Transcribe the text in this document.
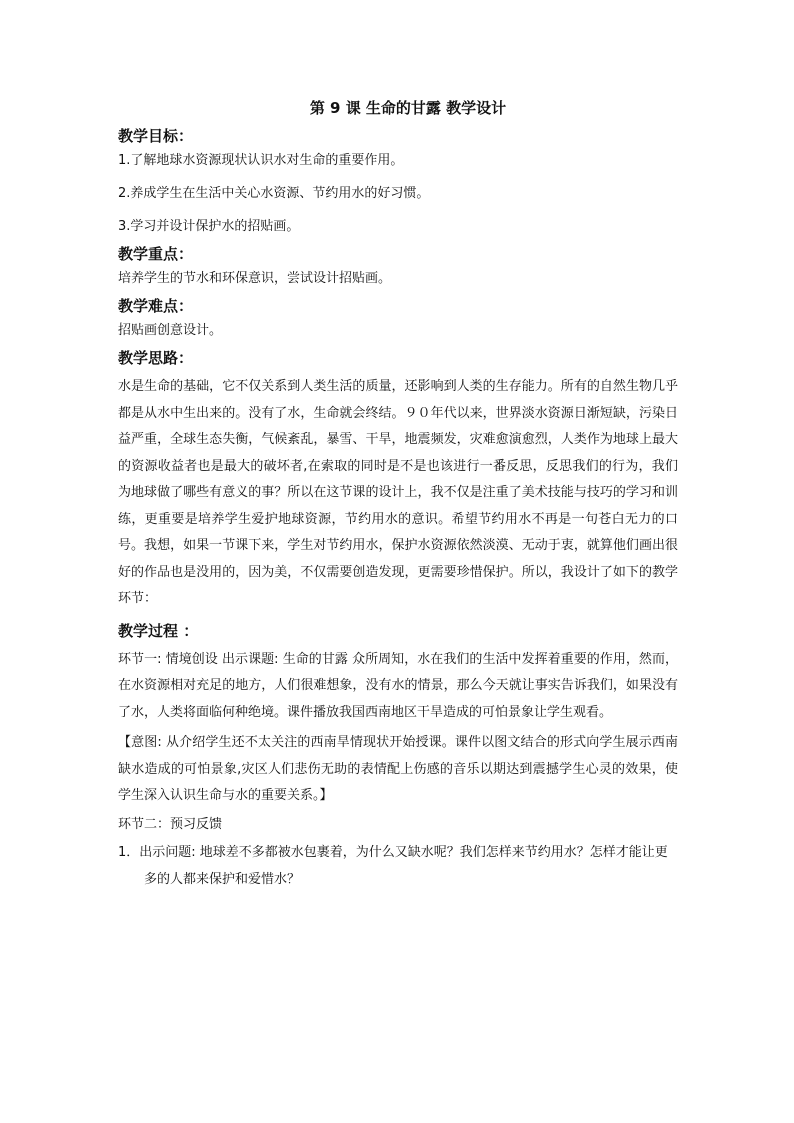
第 9 课 生命的甘露 教学设计
教学目标：
1.了解地球水资源现状认识水对生命的重要作用。
2.养成学生在生活中关心水资源、节约用水的好习惯。
3.学习并设计保护水的招贴画。
教学重点：
培养学生的节水和环保意识，尝试设计招贴画。
教学难点：
招贴画创意设计。
教学思路：
水是生命的基础，它不仅关系到人类生活的质量，还影响到人类的生存能力。所有的自然生物几乎都是从水中生出来的。没有了水，生命就会终结。９０年代以来，世界淡水资源日渐短缺，污染日益严重，全球生态失衡，气候紊乱，暴雪、干旱，地震频发，灾难愈演愈烈，人类作为地球上最大的资源收益者也是最大的破坏者,在索取的同时是不是也该进行一番反思，反思我们的行为，我们为地球做了哪些有意义的事？所以在这节课的设计上，我不仅是注重了美术技能与技巧的学习和训练，更重要是培养学生爱护地球资源，节约用水的意识。希望节约用水不再是一句苍白无力的口号。我想，如果一节课下来，学生对节约用水，保护水资源依然淡漠、无动于衷，就算他们画出很好的作品也是没用的，因为美，不仅需要创造发现，更需要珍惜保护。所以，我设计了如下的教学环节：
教学过程 ：
环节一: 情境创设 出示课题: 生命的甘露 众所周知，水在我们的生活中发挥着重要的作用，然而，在水资源相对充足的地方，人们很难想象，没有水的情景，那么今天就让事实告诉我们，如果没有了水，人类将面临何种绝境。课件播放我国西南地区干旱造成的可怕景象让学生观看。
【意图: 从介绍学生还不太关注的西南旱情现状开始授课。课件以图文结合的形式向学生展示西南缺水造成的可怕景象,灾区人们悲伤无助的表情配上伤感的音乐以期达到震撼学生心灵的效果，使学生深入认识生命与水的重要关系。】
环节二：预习反馈
1．出示问题: 地球差不多都被水包裹着，为什么又缺水呢？我们怎样来节约用水？怎样才能让更多的人都来保护和爱惜水？
